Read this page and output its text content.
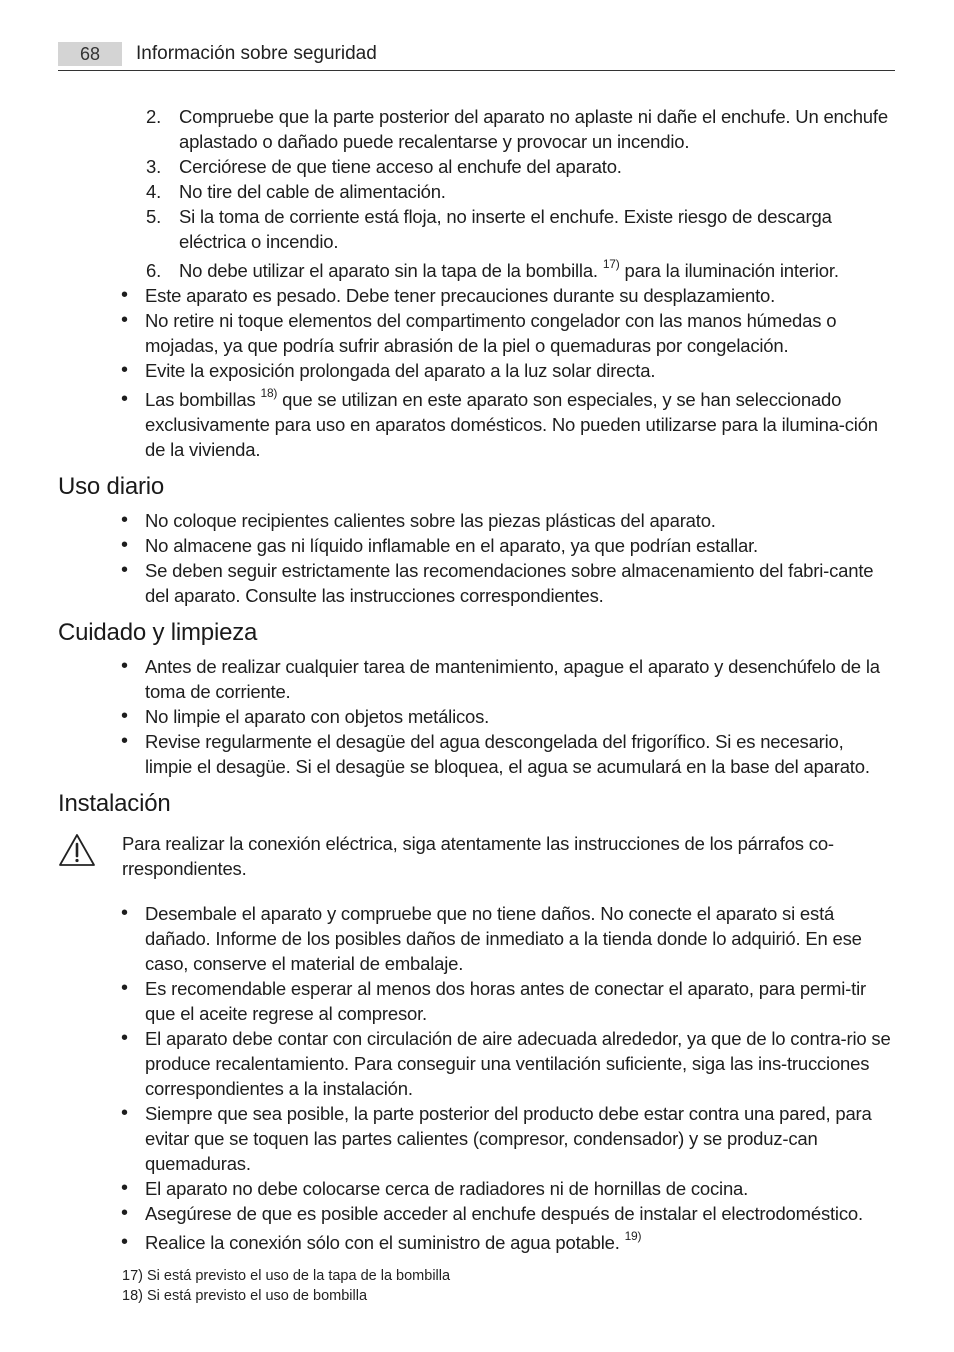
68	Información sobre seguridad
2. Compruebe que la parte posterior del aparato no aplaste ni dañe el enchufe. Un enchufe aplastado o dañado puede recalentarse y provocar un incendio.
3. Cerciórese de que tiene acceso al enchufe del aparato.
4. No tire del cable de alimentación.
5. Si la toma de corriente está floja, no inserte el enchufe. Existe riesgo de descarga eléctrica o incendio.
6. No debe utilizar el aparato sin la tapa de la bombilla. $^{17)}$ para la iluminación interior.
• Este aparato es pesado. Debe tener precauciones durante su desplazamiento.
• No retire ni toque elementos del compartimento congelador con las manos húmedas o mojadas, ya que podría sufrir abrasión de la piel o quemaduras por congelación.
• Evite la exposición prolongada del aparato a la luz solar directa.
• Las bombillas $^{18)}$ que se utilizan en este aparato son especiales, y se han seleccionado exclusivamente para uso en aparatos domésticos. No pueden utilizarse para la ilumina-ción de la vivienda.
Uso diario
• No coloque recipientes calientes sobre las piezas plásticas del aparato.
• No almacene gas ni líquido inflamable en el aparato, ya que podrían estallar.
• Se deben seguir estrictamente las recomendaciones sobre almacenamiento del fabri-cante del aparato. Consulte las instrucciones correspondientes.
Cuidado y limpieza
• Antes de realizar cualquier tarea de mantenimiento, apague el aparato y desenchúfelo de la toma de corriente.
• No limpie el aparato con objetos metálicos.
• Revise regularmente el desagüe del agua descongelada del frigorífico. Si es necesario, limpie el desagüe. Si el desagüe se bloquea, el agua se acumulará en la base del aparato.
Instalación
Para realizar la conexión eléctrica, siga atentamente las instrucciones de los párrafos co-rrespondientes.
• Desembale el aparato y compruebe que no tiene daños. No conecte el aparato si está dañado. Informe de los posibles daños de inmediato a la tienda donde lo adquirió. En ese caso, conserve el material de embalaje.
• Es recomendable esperar al menos dos horas antes de conectar el aparato, para permi-tir que el aceite regrese al compresor.
• El aparato debe contar con circulación de aire adecuada alrededor, ya que de lo contra-rio se produce recalentamiento. Para conseguir una ventilación suficiente, siga las ins-trucciones correspondientes a la instalación.
• Siempre que sea posible, la parte posterior del producto debe estar contra una pared, para evitar que se toquen las partes calientes (compresor, condensador) y se produz-can quemaduras.
• El aparato no debe colocarse cerca de radiadores ni de hornillas de cocina.
• Asegúrese de que es posible acceder al enchufe después de instalar el electrodoméstico.
• Realice la conexión sólo con el suministro de agua potable. $^{19)}$
17) Si está previsto el uso de la tapa de la bombilla
18) Si está previsto el uso de bombilla
